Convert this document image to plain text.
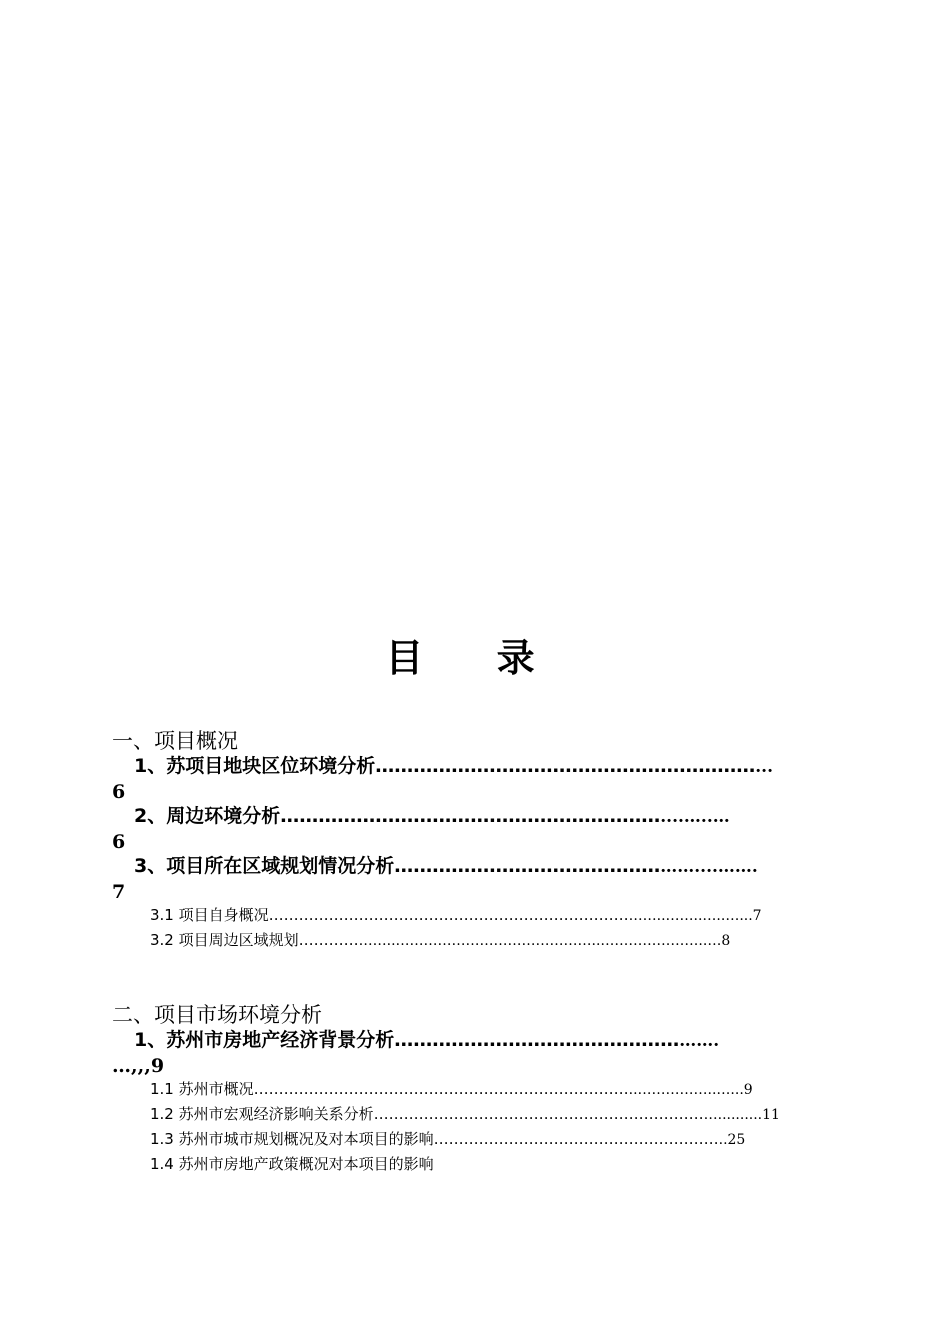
目 录
一、项目概况
1、苏项目地块区位环境分析……………………………………………………...
6
2、周边环境分析……………………………………………………....…..…
6
3、项目所在区域规划情况分析…………………………………………....…….
7
3.1 项目自身概况……………………………………………………………………..……..…..…...7
3.2 项目周边区域规划………………..……………………………………..…………………..…8
二、项目市场环境分析
1、苏州市房地产经济背景分析…………………………………………….
…,,,9
1.1 苏州市概况…………………………………………………………………..……………..…...9
1.2 苏州市宏观经济影响关系分析……………………………………………………………..........11
1.3 苏州市城市规划概况及对本项目的影响…………………………………………………..25
1.4 苏州市房地产政策概况对本项目的影响
